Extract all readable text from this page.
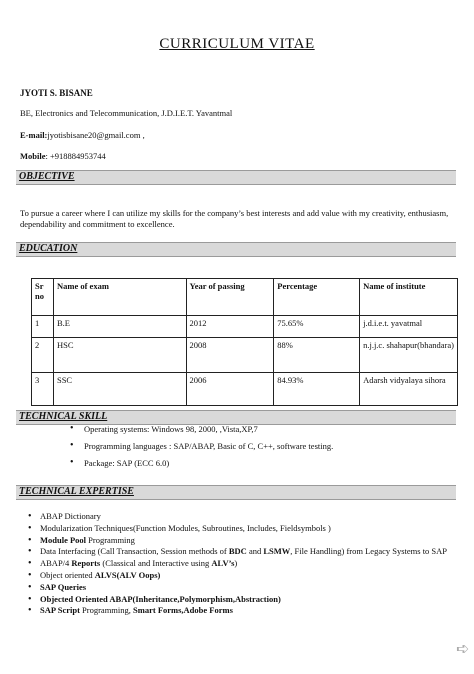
CURRICULUM VITAE
JYOTI S. BISANE
BE, Electronics and Telecommunication, J.D.I.E.T. Yavantmal
E-mail:jyotisbisane20@gmail.com ,
Mobile: +918884953744
OBJECTIVE
To pursue a career where I can utilize my skills for the company’s best interests and add value with my creativity, enthusiasm, dependability and commitment to excellence.
EDUCATION
Sr no	Name of exam	Year of passing	Percentage	Name of institute
1	B.E	2012	75.65%	j.d.i.e.t. yavatmal
2	HSC	2008	88%	n.j.j.c. shahapur(bhandara)
3	SSC	2006	84.93%	Adarsh vidyalaya sihora
TECHNICAL SKILL
• Operating systems: Windows 98, 2000, ,Vista,XP,7
• Programming languages : SAP/ABAP, Basic of C, C++, software testing.
• Package: SAP (ECC 6.0)
TECHNICAL EXPERTISE
• ABAP Dictionary
• Modularization Techniques(Function Modules, Subroutines, Includes, Fieldsymbols )
• Module Pool Programming
• Data Interfacing (Call Transaction, Session methods of BDC and LSMW, File Handling) from Legacy Systems to SAP
• ABAP/4 Reports (Classical and Interactive using ALV’s)
• Object oriented ALVS(ALV Oops)
• SAP Queries
• Objected Oriented ABAP(Inheritance,Polymorphism,Abstraction)
• SAP Script Programming, Smart Forms,Adobe Forms
➪
